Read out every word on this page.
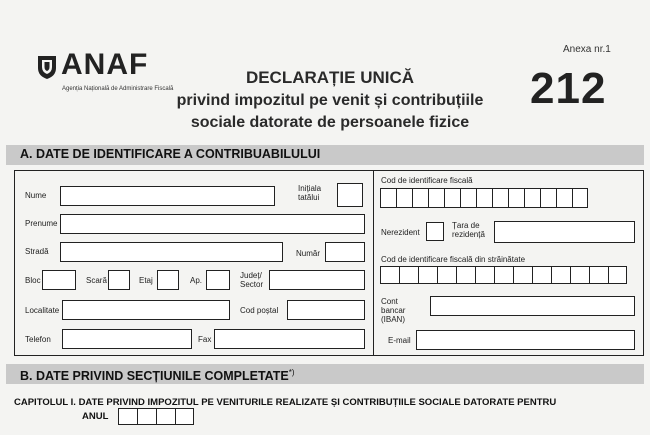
ANAF
Agenția Națională de Administrare Fiscală
DECLARAȚIE UNICĂ
privind impozitul pe venit și contribuțiile
sociale datorate de persoanele fizice
Anexa nr.1
212
A. DATE DE IDENTIFICARE A CONTRIBUABILULUI
Nume
Inițiala tatălui
Prenume
Stradă	Număr
Bloc	Scară	Etaj	Ap.
Județ/ Sector
Localitate	Cod poștal
Telefon	Fax
Cod de identificare fiscală
Nerezident
Țara de rezidență
Cod de identificare fiscală din străinătate
Cont bancar (IBAN)
E-mail
B. DATE PRIVIND SECȚIUNILE COMPLETATE*)
CAPITOLUL I. DATE PRIVIND IMPOZITUL PE VENITURILE REALIZATE ȘI CONTRIBUȚIILE SOCIALE DATORATE PENTRU
ANUL
